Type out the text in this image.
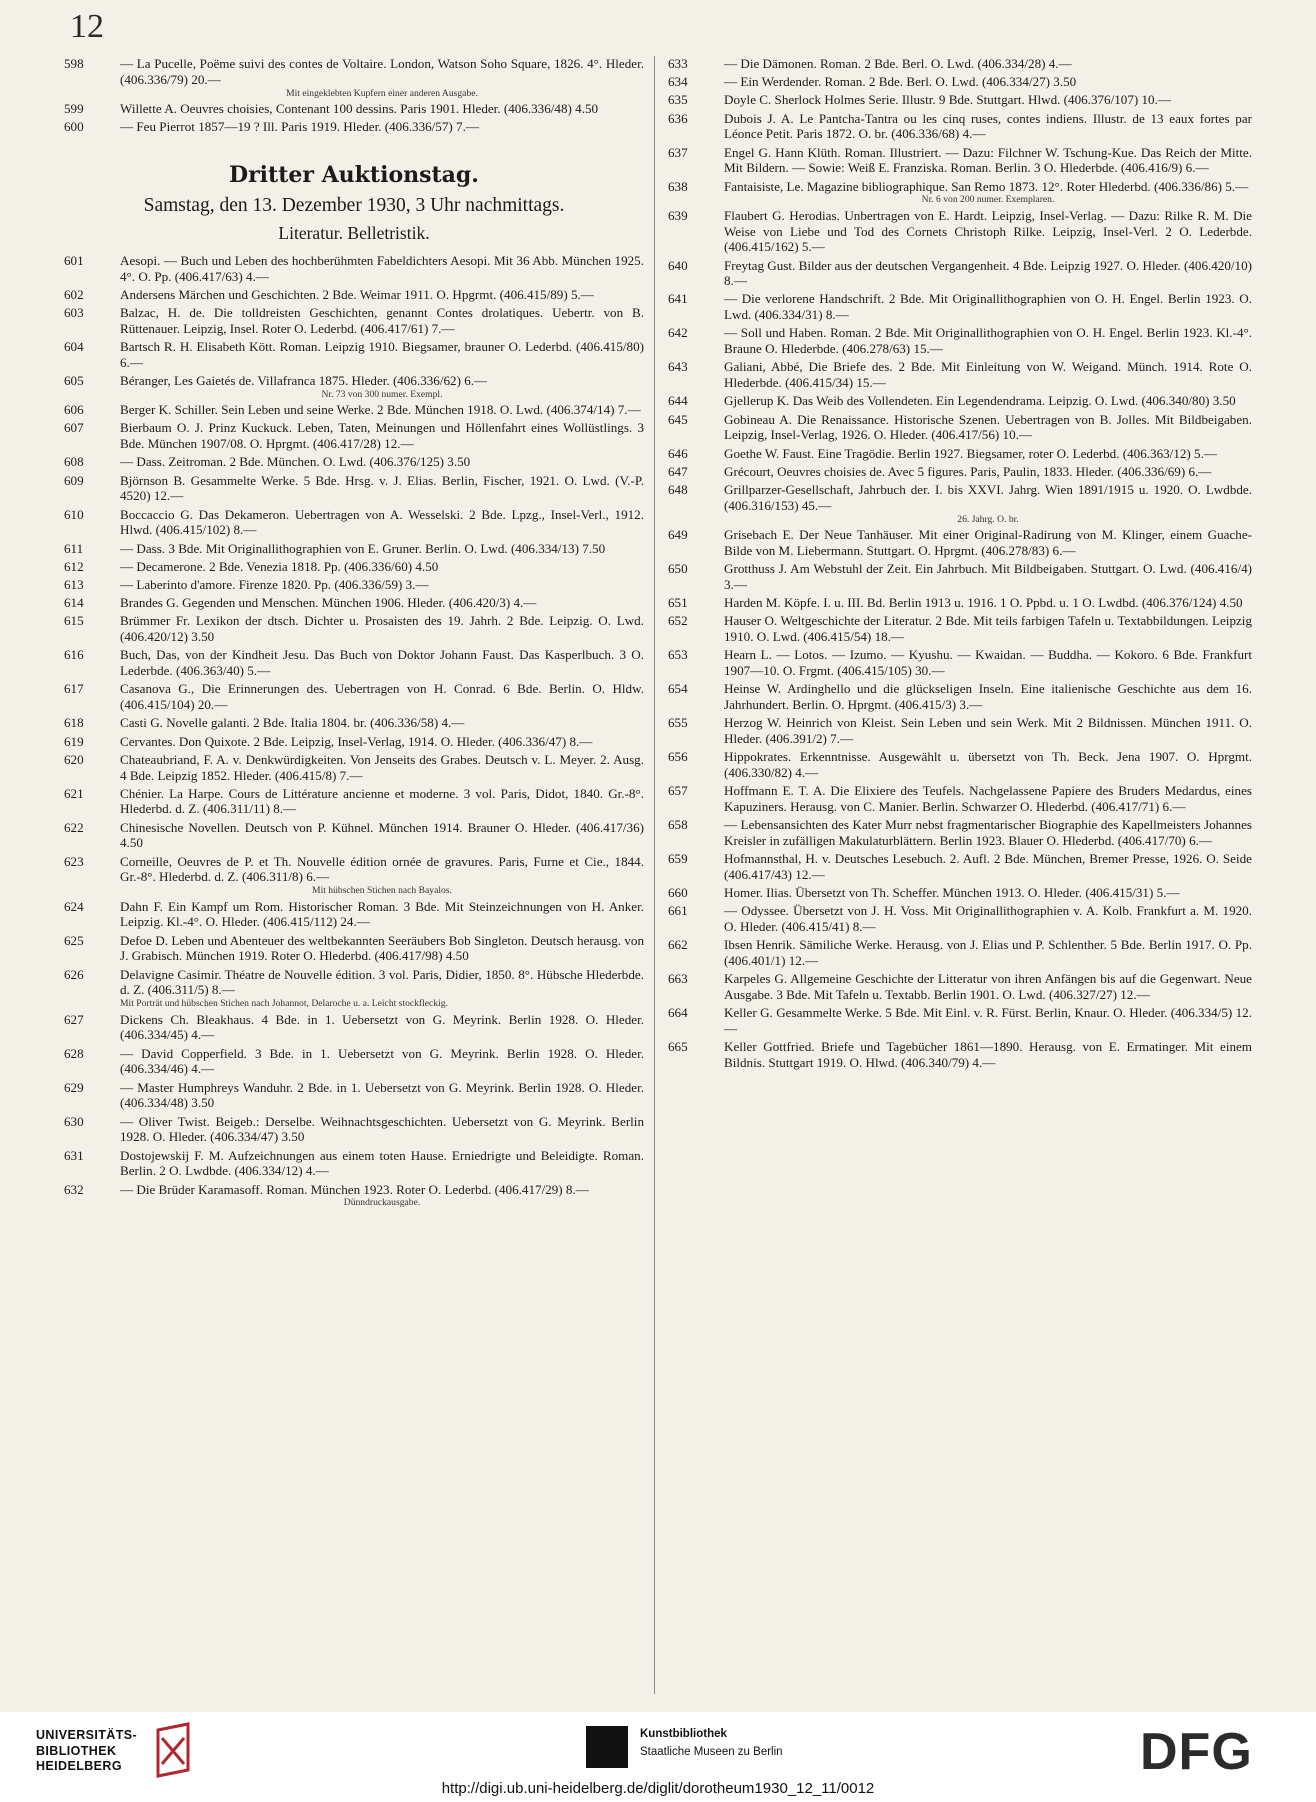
12
598	— La Pucelle, Poëme suivi des contes de Voltaire. London, Watson Soho Square, 1826. 4°. Hleder. (406.336/79) 20.—
Mit eingeklebten Kupfern einer anderen Ausgabe.
599	Willette A. Oeuvres choisies, Contenant 100 dessins. Paris 1901. Hleder. (406.336/48) 4.50
600	— Feu Pierrot 1857—19 ? Ill. Paris 1919. Hleder. (406.336/57) 7.—
Dritter Auktionstag.
Samstag, den 13. Dezember 1930, 3 Uhr nachmittags.
Literatur. Belletristik.
601	Aesopi. — Buch und Leben des hochberühmten Fabeldichters Aesopi. Mit 36 Abb. München 1925. 4°. O. Pp. (406.417/63) 4.—
602	Andersens Märchen und Geschichten. 2 Bde. Weimar 1911. O. Hpgrmt. (406.415/89) 5.—
603	Balzac, H. de. Die tolldreisten Geschichten, genannt Contes drolatiques. Uebertr. von B. Rüttenauer. Leipzig, Insel. Roter O. Lederbd. (406.417/61) 7.—
604	Bartsch R. H. Elisabeth Kött. Roman. Leipzig 1910. Biegsamer, brauner O. Lederbd. (406.415/80) 6.—
605	Béranger, Les Gaietés de. Villafranca 1875. Hleder. (406.336/62) 6.—
Nr. 73 von 300 numer. Exempl.
606	Berger K. Schiller. Sein Leben und seine Werke. 2 Bde. München 1918. O. Lwd. (406.374/14) 7.—
607	Bierbaum O. J. Prinz Kuckuck. Leben, Taten, Meinungen und Höllenfahrt eines Wollüstlings. 3 Bde. München 1907/08. O. Hprgmt. (406.417/28) 12.—
608	— Dass. Zeitroman. 2 Bde. München. O. Lwd. (406.376/125) 3.50
609	Björnson B. Gesammelte Werke. 5 Bde. Hrsg. v. J. Elias. Berlin, Fischer, 1921. O. Lwd. (V.-P. 4520) 12.—
610	Boccaccio G. Das Dekameron. Uebertragen von A. Wesselski. 2 Bde. Lpzg., Insel-Verl., 1912. Hlwd. (406.415/102) 8.—
611	— Dass. 3 Bde. Mit Originallithographien von E. Gruner. Berlin. O. Lwd. (406.334/13) 7.50
612	— Decamerone. 2 Bde. Venezia 1818. Pp. (406.336/60) 4.50
613	— Laberinto d'amore. Firenze 1820. Pp. (406.336/59) 3.—
614	Brandes G. Gegenden und Menschen. München 1906. Hleder. (406.420/3) 4.—
615	Brümmer Fr. Lexikon der dtsch. Dichter u. Prosaisten des 19. Jahrh. 2 Bde. Leipzig. O. Lwd. (406.420/12) 3.50
616	Buch, Das, von der Kindheit Jesu. Das Buch von Doktor Johann Faust. Das Kasperlbuch. 3 O. Lederbde. (406.363/40) 5.—
617	Casanova G., Die Erinnerungen des. Uebertragen von H. Conrad. 6 Bde. Berlin. O. Hldw. (406.415/104) 20.—
618	Casti G. Novelle galanti. 2 Bde. Italia 1804. br. (406.336/58) 4.—
619	Cervantes. Don Quixote. 2 Bde. Leipzig, Insel-Verlag, 1914. O. Hleder. (406.336/47) 8.—
620	Chateaubriand, F. A. v. Denkwürdigkeiten. Von Jenseits des Grabes. Deutsch v. L. Meyer. 2. Ausg. 4 Bde. Leipzig 1852. Hleder. (406.415/8) 7.—
621	Chénier. La Harpe. Cours de Littérature ancienne et moderne. 3 vol. Paris, Didot, 1840. Gr.-8°. Hlederbd. d. Z. (406.311/11) 8.—
622	Chinesische Novellen. Deutsch von P. Kühnel. München 1914. Brauner O. Hleder. (406.417/36) 4.50
623	Corneille, Oeuvres de P. et Th. Nouvelle édition ornée de gravures. Paris, Furne et Cie., 1844. Gr.-8°. Hlederbd. d. Z. (406.311/8) 6.—
Mit hübschen Stichen nach Bayalos.
624	Dahn F. Ein Kampf um Rom. Historischer Roman. 3 Bde. Mit Steinzeichnungen von H. Anker. Leipzig. Kl.-4°. O. Hleder. (406.415/112) 24.—
625	Defoe D. Leben und Abenteuer des weltbekannten Seeräubers Bob Singleton. Deutsch herausg. von J. Grabisch. München 1919. Roter O. Hlederbd. (406.417/98) 4.50
626	Delavigne Casimir. Théatre de Nouvelle édition. 3 vol. Paris, Didier, 1850. 8°. Hübsche Hlederbde. d. Z. (406.311/5) 8.—
Mit Porträt und hübschen Stichen nach Johannot, Delaroche u. a. Leicht stockfleckig.
627	Dickens Ch. Bleakhaus. 4 Bde. in 1. Uebersetzt von G. Meyrink. Berlin 1928. O. Hleder. (406.334/45) 4.—
628	— David Copperfield. 3 Bde. in 1. Uebersetzt von G. Meyrink. Berlin 1928. O. Hleder. (406.334/46) 4.—
629	— Master Humphreys Wanduhr. 2 Bde. in 1. Uebersetzt von G. Meyrink. Berlin 1928. O. Hleder. (406.334/48) 3.50
630	— Oliver Twist. Beigeb.: Derselbe. Weihnachtsgeschichten. Uebersetzt von G. Meyrink. Berlin 1928. O. Hleder. (406.334/47) 3.50
631	Dostojewskij F. M. Aufzeichnungen aus einem toten Hause. Erniedrigte und Beleidigte. Roman. Berlin. 2 O. Lwdbde. (406.334/12) 4.—
632	— Die Brüder Karamasoff. Roman. München 1923. Roter O. Lederbd. (406.417/29) 8.—
Dünndruckausgabe.
633	— Die Dämonen. Roman. 2 Bde. Berl. O. Lwd. (406.334/28) 4.—
634	— Ein Werdender. Roman. 2 Bde. Berl. O. Lwd. (406.334/27) 3.50
635	Doyle C. Sherlock Holmes Serie. Illustr. 9 Bde. Stuttgart. Hlwd. (406.376/107) 10.—
636	Dubois J. A. Le Pantcha-Tantra ou les cinq ruses, contes indiens. Illustr. de 13 eaux fortes par Léonce Petit. Paris 1872. O. br. (406.336/68) 4.—
637	Engel G. Hann Klüth. Roman. Illustriert. — Dazu: Filchner W. Tschung-Kue. Das Reich der Mitte. Mit Bildern. — Sowie: Weiß E. Franziska. Roman. Berlin. 3 O. Hlederbde. (406.416/9) 6.—
638	Fantaisiste, Le. Magazine bibliographique. San Remo 1873. 12°. Roter Hlederbd. (406.336/86) 5.—
Nr. 6 von 200 numer. Exemplaren.
639	Flaubert G. Herodias. Unbertragen von E. Hardt. Leipzig, Insel-Verlag. — Dazu: Rilke R. M. Die Weise von Liebe und Tod des Cornets Christoph Rilke. Leipzig, Insel-Verl. 2 O. Lederbde. (406.415/162) 5.—
640	Freytag Gust. Bilder aus der deutschen Vergangenheit. 4 Bde. Leipzig 1927. O. Hleder. (406.420/10) 8.—
641	— Die verlorene Handschrift. 2 Bde. Mit Originallithographien von O. H. Engel. Berlin 1923. O. Lwd. (406.334/31) 8.—
642	— Soll und Haben. Roman. 2 Bde. Mit Originallithographien von O. H. Engel. Berlin 1923. Kl.-4°. Braune O. Hlederbde. (406.278/63) 15.—
643	Galiani, Abbé, Die Briefe des. 2 Bde. Mit Einleitung von W. Weigand. Münch. 1914. Rote O. Hlederbde. (406.415/34) 15.—
644	Gjellerup K. Das Weib des Vollendeten. Ein Legendendrama. Leipzig. O. Lwd. (406.340/80) 3.50
645	Gobineau A. Die Renaissance. Historische Szenen. Uebertragen von B. Jolles. Mit Bildbeigaben. Leipzig, Insel-Verlag, 1926. O. Hleder. (406.417/56) 10.—
646	Goethe W. Faust. Eine Tragödie. Berlin 1927. Biegsamer, roter O. Lederbd. (406.363/12) 5.—
647	Grécourt, Oeuvres choisies de. Avec 5 figures. Paris, Paulin, 1833. Hleder. (406.336/69) 6.—
648	Grillparzer-Gesellschaft, Jahrbuch der. I. bis XXVI. Jahrg. Wien 1891/1915 u. 1920. O. Lwdbde. (406.316/153) 45.—
26. Jahrg. O. br.
649	Grisebach E. Der Neue Tanhäuser. Mit einer Original-Radirung von M. Klinger, einem Guache-Bilde von M. Liebermann. Stuttgart. O. Hprgmt. (406.278/83) 6.—
650	Grotthuss J. Am Webstuhl der Zeit. Ein Jahrbuch. Mit Bildbeigaben. Stuttgart. O. Lwd. (406.416/4) 3.—
651	Harden M. Köpfe. I. u. III. Bd. Berlin 1913 u. 1916. 1 O. Ppbd. u. 1 O. Lwdbd. (406.376/124) 4.50
652	Hauser O. Weltgeschichte der Literatur. 2 Bde. Mit teils farbigen Tafeln u. Textabbildungen. Leipzig 1910. O. Lwd. (406.415/54) 18.—
653	Hearn L. — Lotos. — Izumo. — Kyushu. — Kwaidan. — Buddha. — Kokoro. 6 Bde. Frankfurt 1907—10. O. Frgmt. (406.415/105) 30.—
654	Heinse W. Ardinghello und die glückseligen Inseln. Eine italienische Geschichte aus dem 16. Jahrhundert. Berlin. O. Hprgmt. (406.415/3) 3.—
655	Herzog W. Heinrich von Kleist. Sein Leben und sein Werk. Mit 2 Bildnissen. München 1911. O. Hleder. (406.391/2) 7.—
656	Hippokrates. Erkenntnisse. Ausgewählt u. übersetzt von Th. Beck. Jena 1907. O. Hprgmt. (406.330/82) 4.—
657	Hoffmann E. T. A. Die Elixiere des Teufels. Nachgelassene Papiere des Bruders Medardus, eines Kapuziners. Herausg. von C. Manier. Berlin. Schwarzer O. Hlederbd. (406.417/71) 6.—
658	— Lebensansichten des Kater Murr nebst fragmentarischer Biographie des Kapellmeisters Johannes Kreisler in zufälligen Makulaturblättern. Berlin 1923. Blauer O. Hlederbd. (406.417/70) 6.—
659	Hofmannsthal, H. v. Deutsches Lesebuch. 2. Aufl. 2 Bde. München, Bremer Presse, 1926. O. Seide (406.417/43) 12.—
660	Homer. Ilias. Übersetzt von Th. Scheffer. München 1913. O. Hleder. (406.415/31) 5.—
661	— Odyssee. Übersetzt von J. H. Voss. Mit Originallithographien v. A. Kolb. Frankfurt a. M. 1920. O. Hleder. (406.415/41) 8.—
662	Ibsen Henrik. Sämiliche Werke. Herausg. von J. Elias und P. Schlenther. 5 Bde. Berlin 1917. O. Pp. (406.401/1) 12.—
663	Karpeles G. Allgemeine Geschichte der Litteratur von ihren Anfängen bis auf die Gegenwart. Neue Ausgabe. 3 Bde. Mit Tafeln u. Textabb. Berlin 1901. O. Lwd. (406.327/27) 12.—
664	Keller G. Gesammelte Werke. 5 Bde. Mit Einl. v. R. Fürst. Berlin, Knaur. O. Hleder. (406.334/5) 12.—
665	Keller Gottfried. Briefe und Tagebücher 1861—1890. Herausg. von E. Ermatinger. Mit einem Bildnis. Stuttgart 1919. O. Hlwd. (406.340/79) 4.—
UNIVERSITÄTS-
BIBLIOTHEK
HEIDELBERG
Kunstbibliothek
Staatliche Museen zu Berlin	DFG
http://digi.ub.uni-heidelberg.de/diglit/dorotheum1930_12_11/0012
